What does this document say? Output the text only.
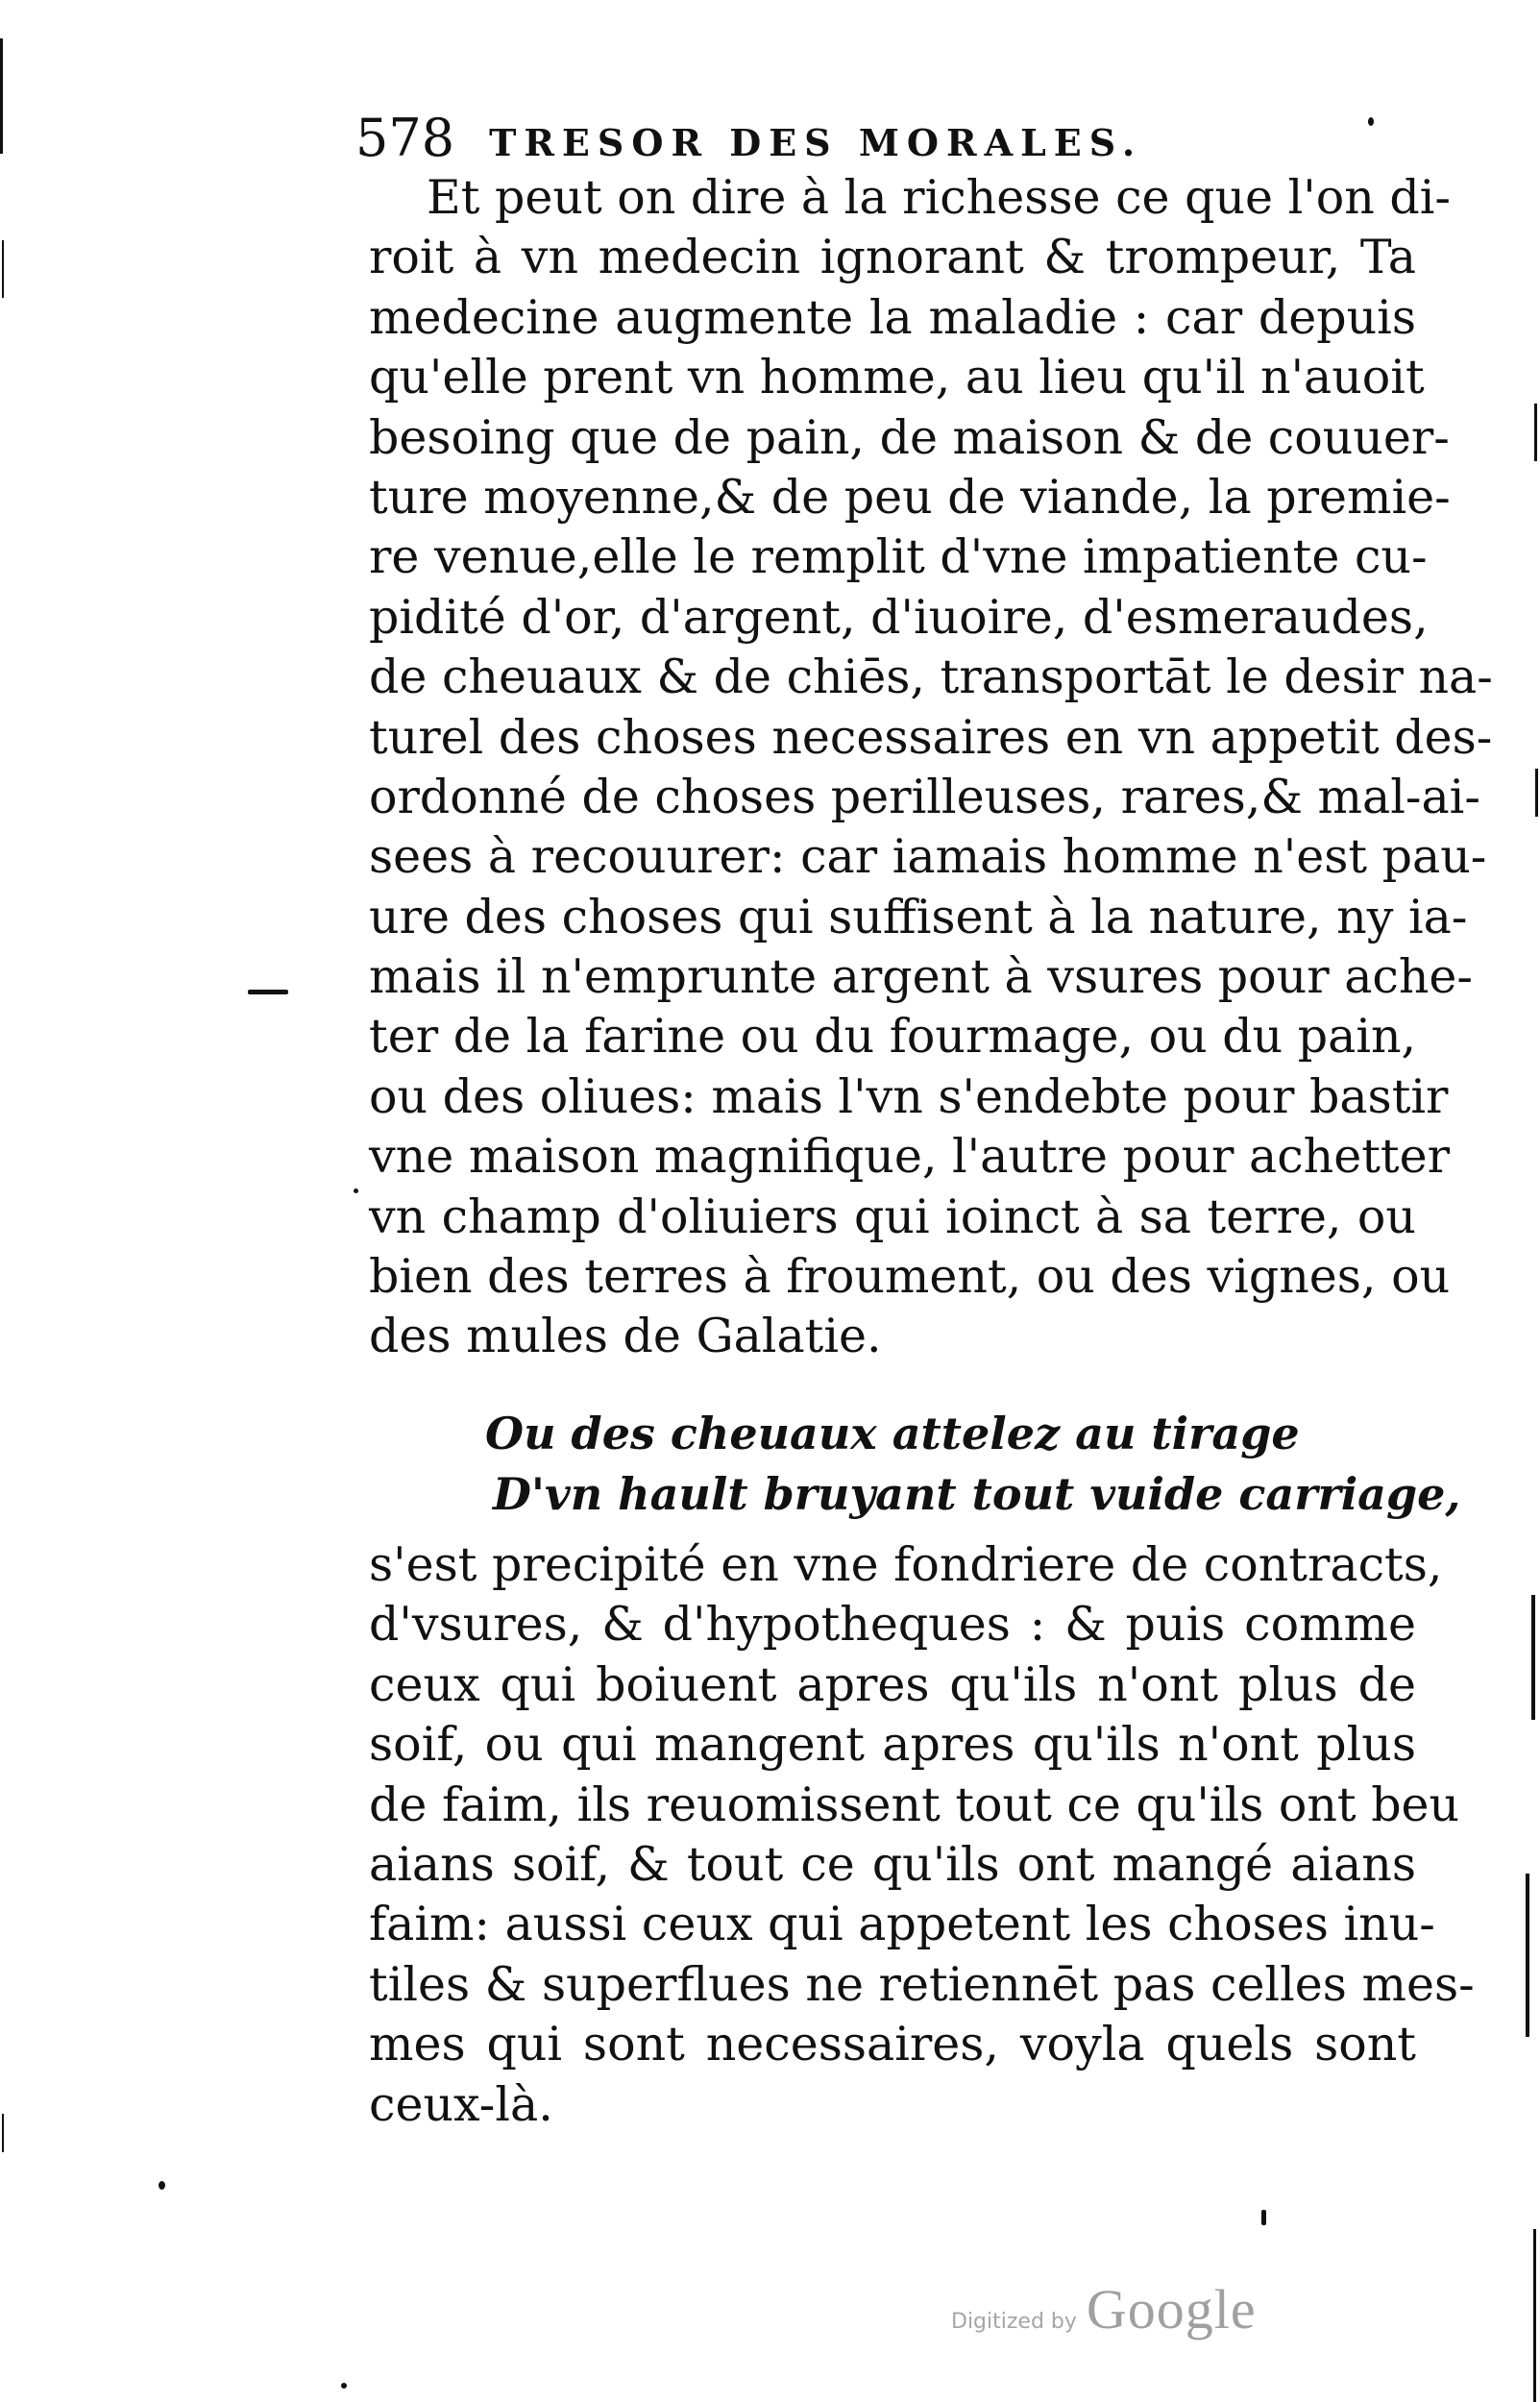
578 TRESOR DES MORALES.
Et peut on dire à la richesse ce que l'on di-
roit à vn medecin ignorant & trompeur, Ta
medecine augmente la maladie : car depuis
qu'elle prent vn homme, au lieu qu'il n'auoit
besoing que de pain, de maison & de couuer-
ture moyenne,& de peu de viande, la premie-
re venue,elle le remplit d'vne impatiente cu-
pidité d'or, d'argent, d'iuoire, d'esmeraudes,
de cheuaux & de chiēs, transportāt le desir na-
turel des choses necessaires en vn appetit des-
ordonné de choses perilleuses, rares,& mal-ai-
sees à recouurer: car iamais homme n'est pau-
ure des choses qui suffisent à la nature, ny ia-
mais il n'emprunte argent à vsures pour ache-
ter de la farine ou du fourmage, ou du pain,
ou des oliues: mais l'vn s'endebte pour bastir
vne maison magnifique, l'autre pour achetter
vn champ d'oliuiers qui ioinct à sa terre, ou
bien des terres à froument, ou des vignes, ou
des mules de Galatie.
Ou des cheuaux attelez au tirage
D'vn hault bruyant tout vuide carriage,
s'est precipité en vne fondriere de contracts,
d'vsures, & d'hypotheques : & puis comme
ceux qui boiuent apres qu'ils n'ont plus de
soif, ou qui mangent apres qu'ils n'ont plus
de faim, ils reuomissent tout ce qu'ils ont beu
aians soif, & tout ce qu'ils ont mangé aians
faim: aussi ceux qui appetent les choses inu-
tiles & superflues ne retiennēt pas celles mes-
mes qui sont necessaires, voyla quels sont
ceux-là.
Digitized by Google
